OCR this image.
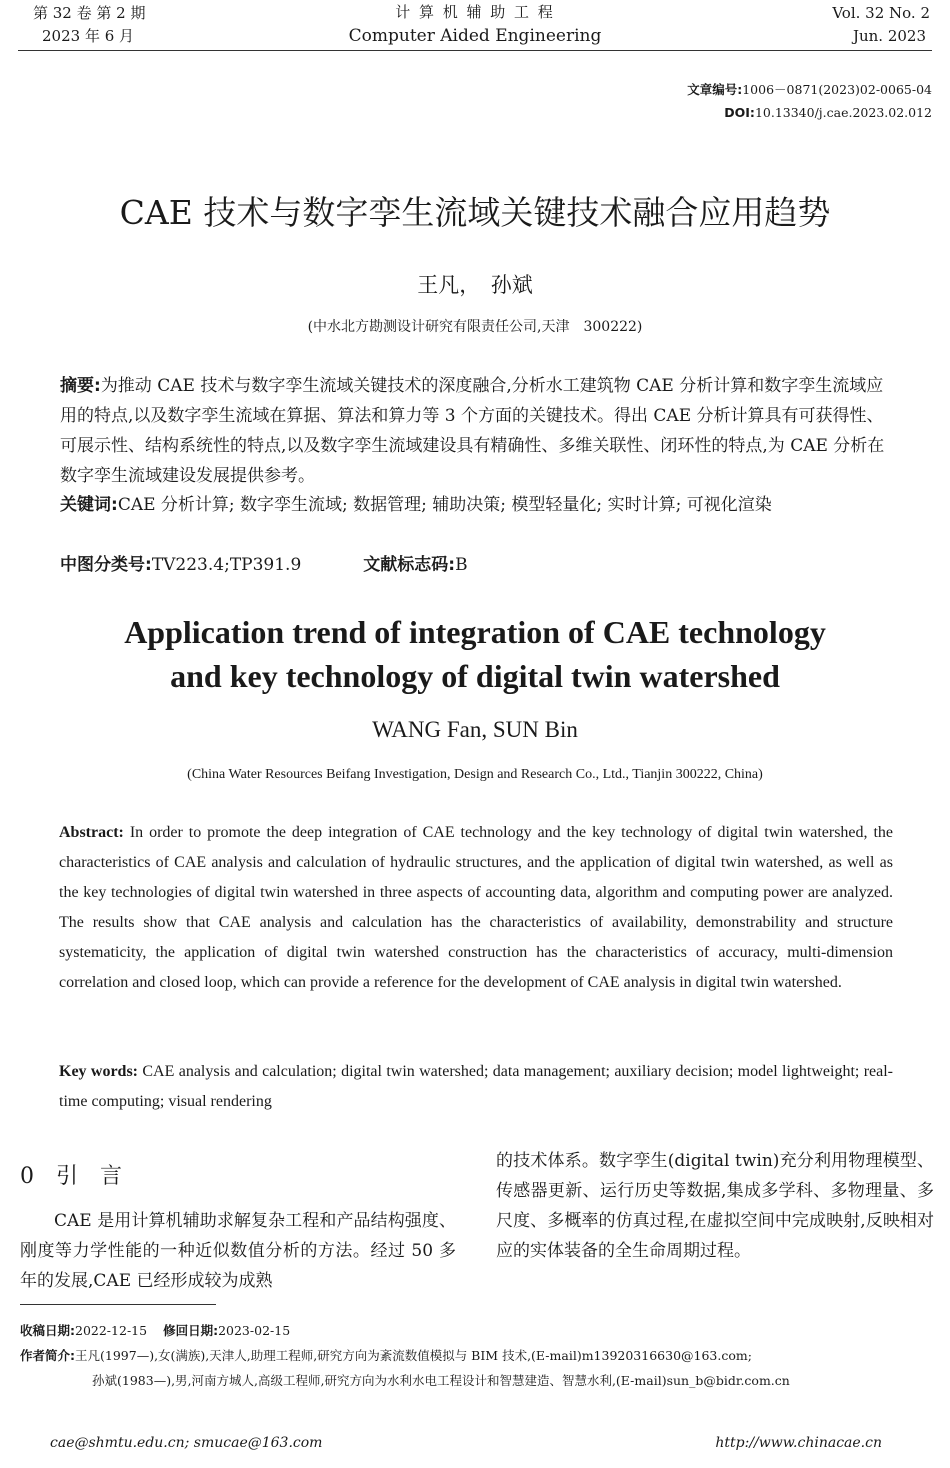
第 32 卷 第 2 期
2023 年 6 月
计 算 机 辅 助 工 程
Computer Aided Engineering
Vol. 32 No. 2
Jun. 2023
文章编号:1006－0871(2023)02-0065-04
DOI:10.13340/j.cae.2023.02.012
CAE 技术与数字孪生流域关键技术融合应用趋势
王凡，　孙斌
(中水北方勘测设计研究有限责任公司,天津　300222)
摘要:为推动 CAE 技术与数字孪生流域关键技术的深度融合,分析水工建筑物 CAE 分析计算和数字孪生流域应用的特点,以及数字孪生流域在算据、算法和算力等 3 个方面的关键技术。得出 CAE 分析计算具有可获得性、可展示性、结构系统性的特点,以及数字孪生流域建设具有精确性、多维关联性、闭环性的特点,为 CAE 分析在数字孪生流域建设发展提供参考。
关键词:CAE 分析计算; 数字孪生流域; 数据管理; 辅助决策; 模型轻量化; 实时计算; 可视化渲染
中图分类号:TV223.4;TP391.9	文献标志码:B
Application trend of integration of CAE technology
and key technology of digital twin watershed
WANG Fan, SUN Bin
(China Water Resources Beifang Investigation, Design and Research Co., Ltd., Tianjin 300222, China)
Abstract: In order to promote the deep integration of CAE technology and the key technology of digital twin watershed, the characteristics of CAE analysis and calculation of hydraulic structures, and the application of digital twin watershed, as well as the key technologies of digital twin watershed in three aspects of accounting data, algorithm and computing power are analyzed. The results show that CAE analysis and calculation has the characteristics of availability, demonstrability and structure systematicity, the application of digital twin watershed construction has the characteristics of accuracy, multi-dimension correlation and closed loop, which can provide a reference for the development of CAE analysis in digital twin watershed.
Key words: CAE analysis and calculation; digital twin watershed; data management; auxiliary decision; model lightweight; real-time computing; visual rendering
0　引　言
CAE 是用计算机辅助求解复杂工程和产品结构强度、刚度等力学性能的一种近似数值分析的方法。经过 50 多年的发展,CAE 已经形成较为成熟
的技术体系。数字孪生(digital twin)充分利用物理模型、传感器更新、运行历史等数据,集成多学科、多物理量、多尺度、多概率的仿真过程,在虚拟空间中完成映射,反映相对应的实体装备的全生命周期过程。
收稿日期:2022-12-15 修回日期:2023-02-15
作者简介:王凡(1997—),女(满族),天津人,助理工程师,研究方向为紊流数值模拟与 BIM 技术,(E-mail)m13920316630@163.com;
孙斌(1983—),男,河南方城人,高级工程师,研究方向为水利水电工程设计和智慧建造、智慧水利,(E-mail)sun_b@bidr.com.cn
cae@shmtu.edu.cn; smucae@163.com	http://www.chinacae.cn
